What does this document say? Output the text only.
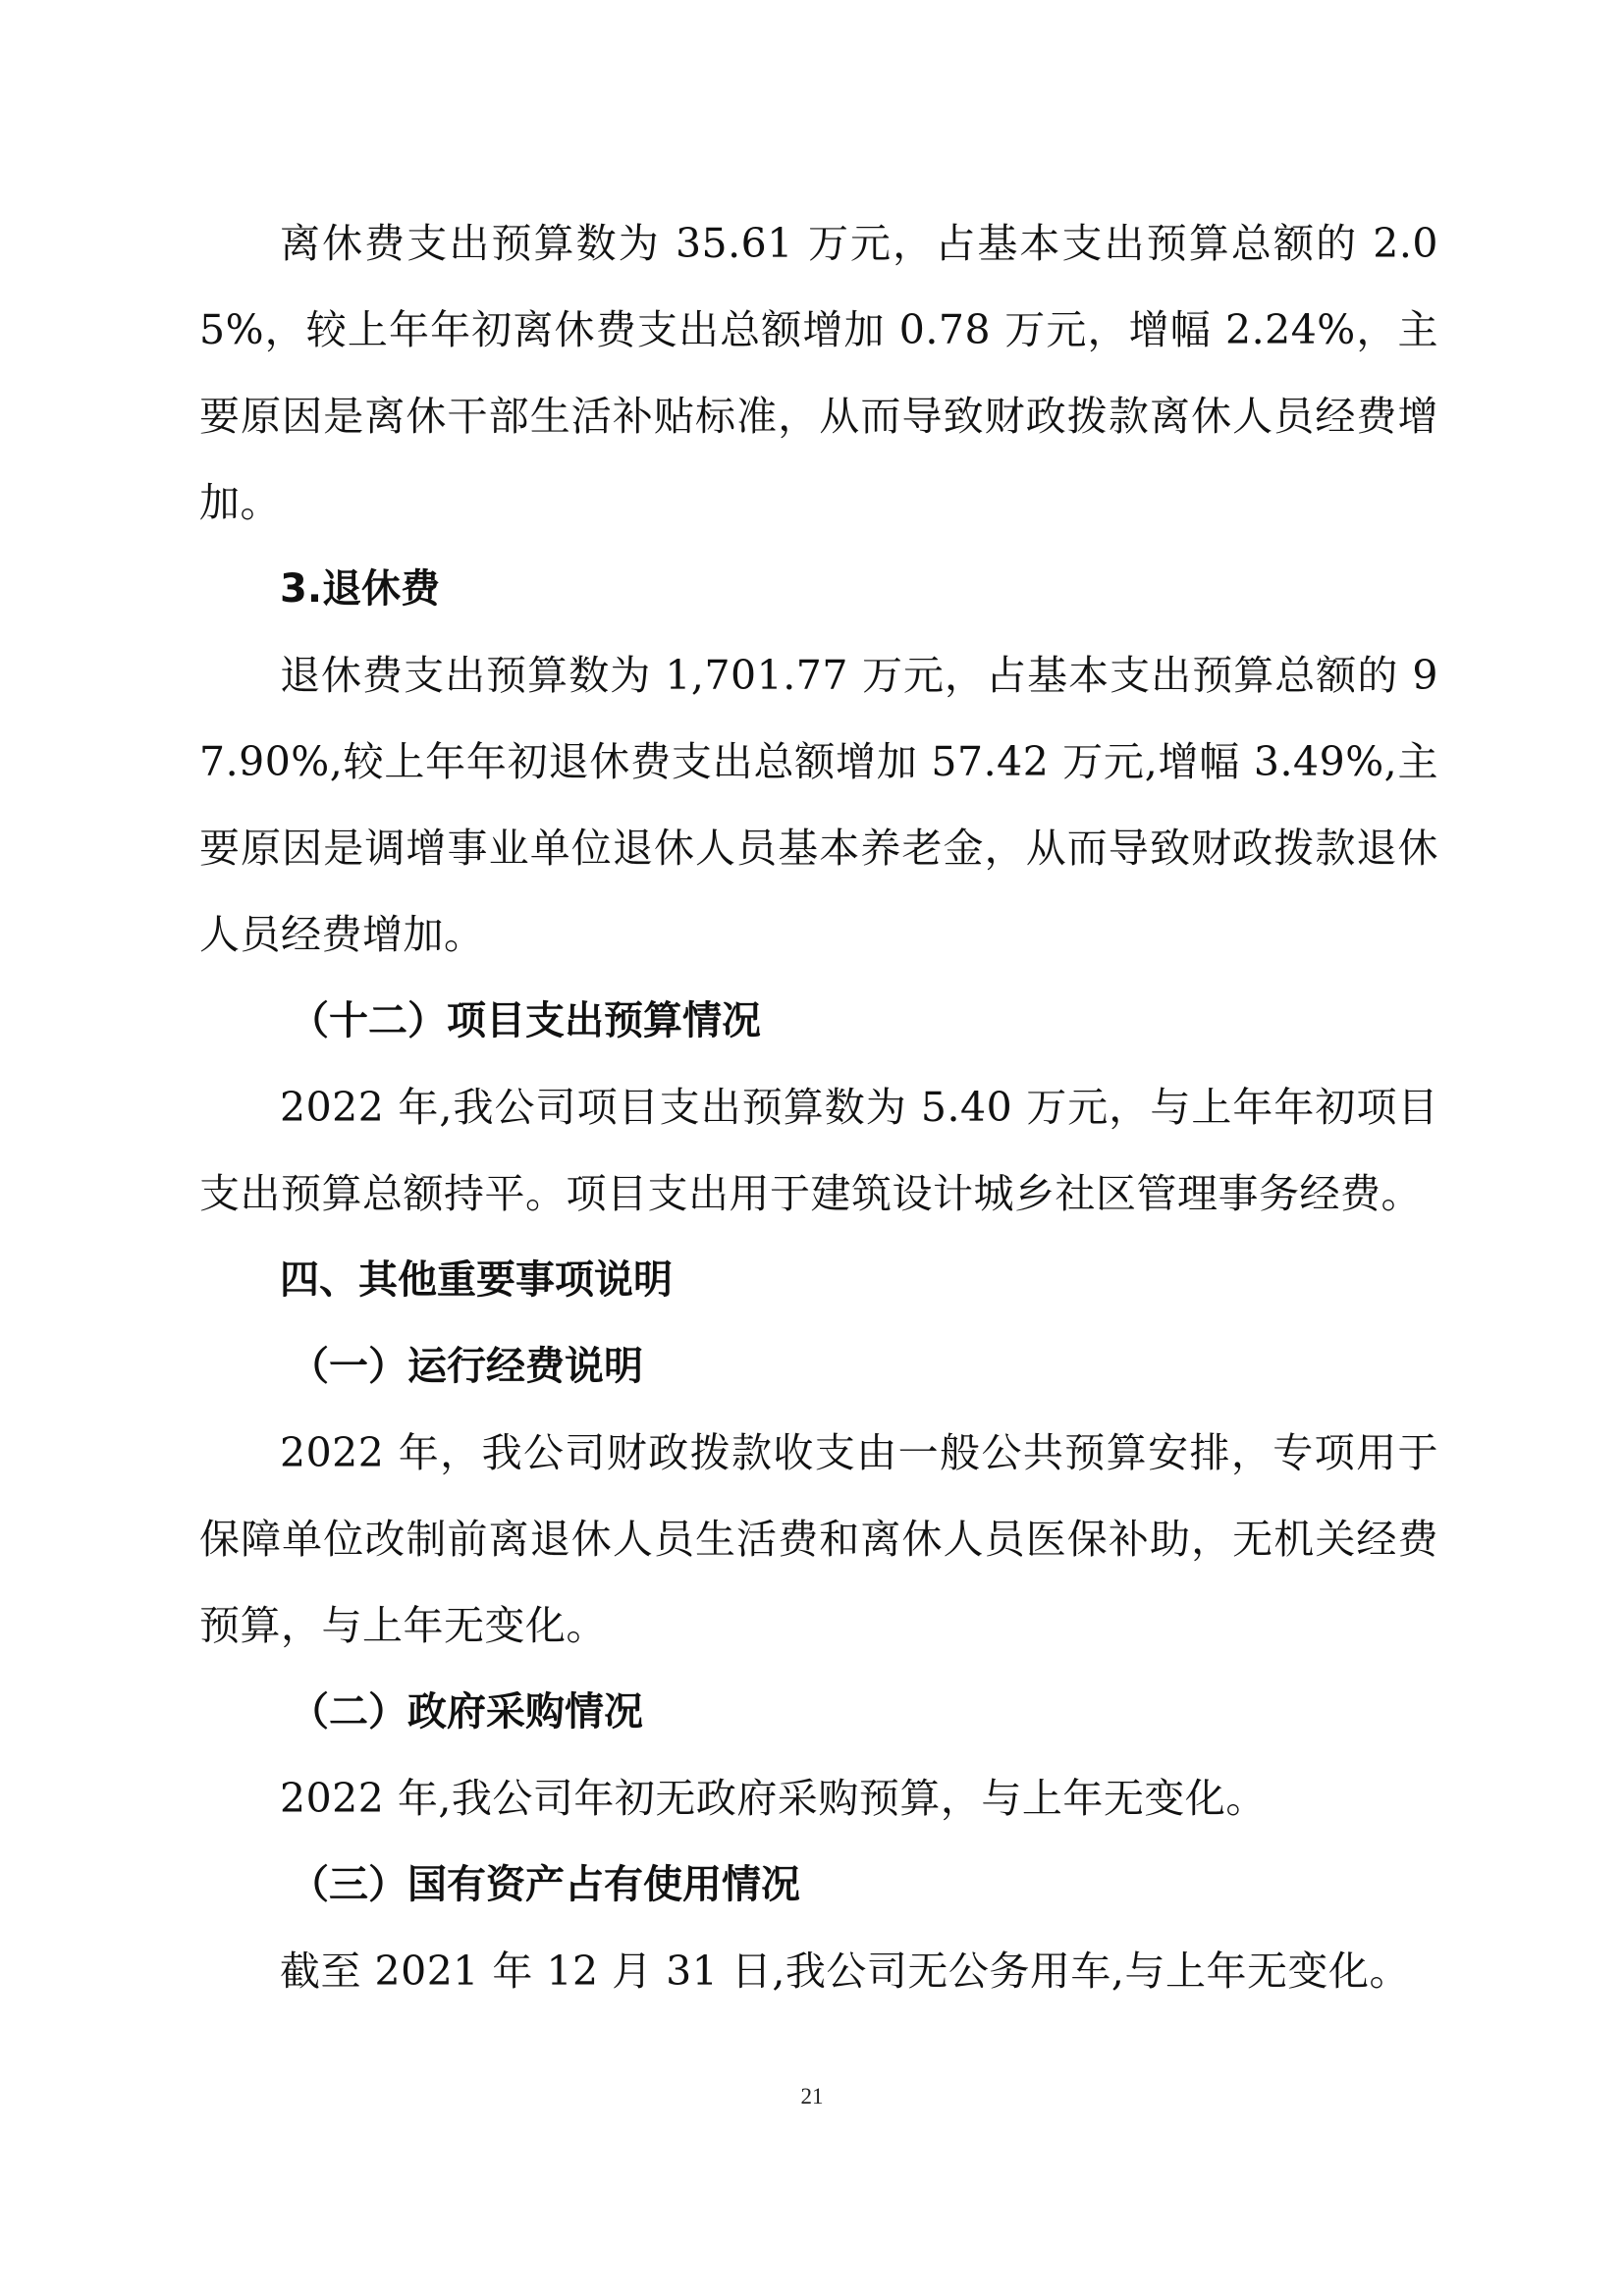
离休费支出预算数为 35.61 万元，占基本支出预算总额的 2.05%，较上年年初离休费支出总额增加 0.78 万元，增幅 2.24%，主要原因是离休干部生活补贴标准，从而导致财政拨款离休人员经费增加。

3.退休费

退休费支出预算数为 1,701.77 万元，占基本支出预算总额的 97.90%,较上年年初退休费支出总额增加 57.42 万元,增幅 3.49%,主要原因是调增事业单位退休人员基本养老金，从而导致财政拨款退休人员经费增加。

（十二）项目支出预算情况

2022 年,我公司项目支出预算数为 5.40 万元，与上年年初项目支出预算总额持平。项目支出用于建筑设计城乡社区管理事务经费。

四、其他重要事项说明

（一）运行经费说明

2022 年，我公司财政拨款收支由一般公共预算安排，专项用于保障单位改制前离退休人员生活费和离休人员医保补助，无机关经费预算，与上年无变化。

（二）政府采购情况

2022 年,我公司年初无政府采购预算，与上年无变化。

（三）国有资产占有使用情况

截至 2021 年 12 月 31 日,我公司无公务用车,与上年无变化。

21
